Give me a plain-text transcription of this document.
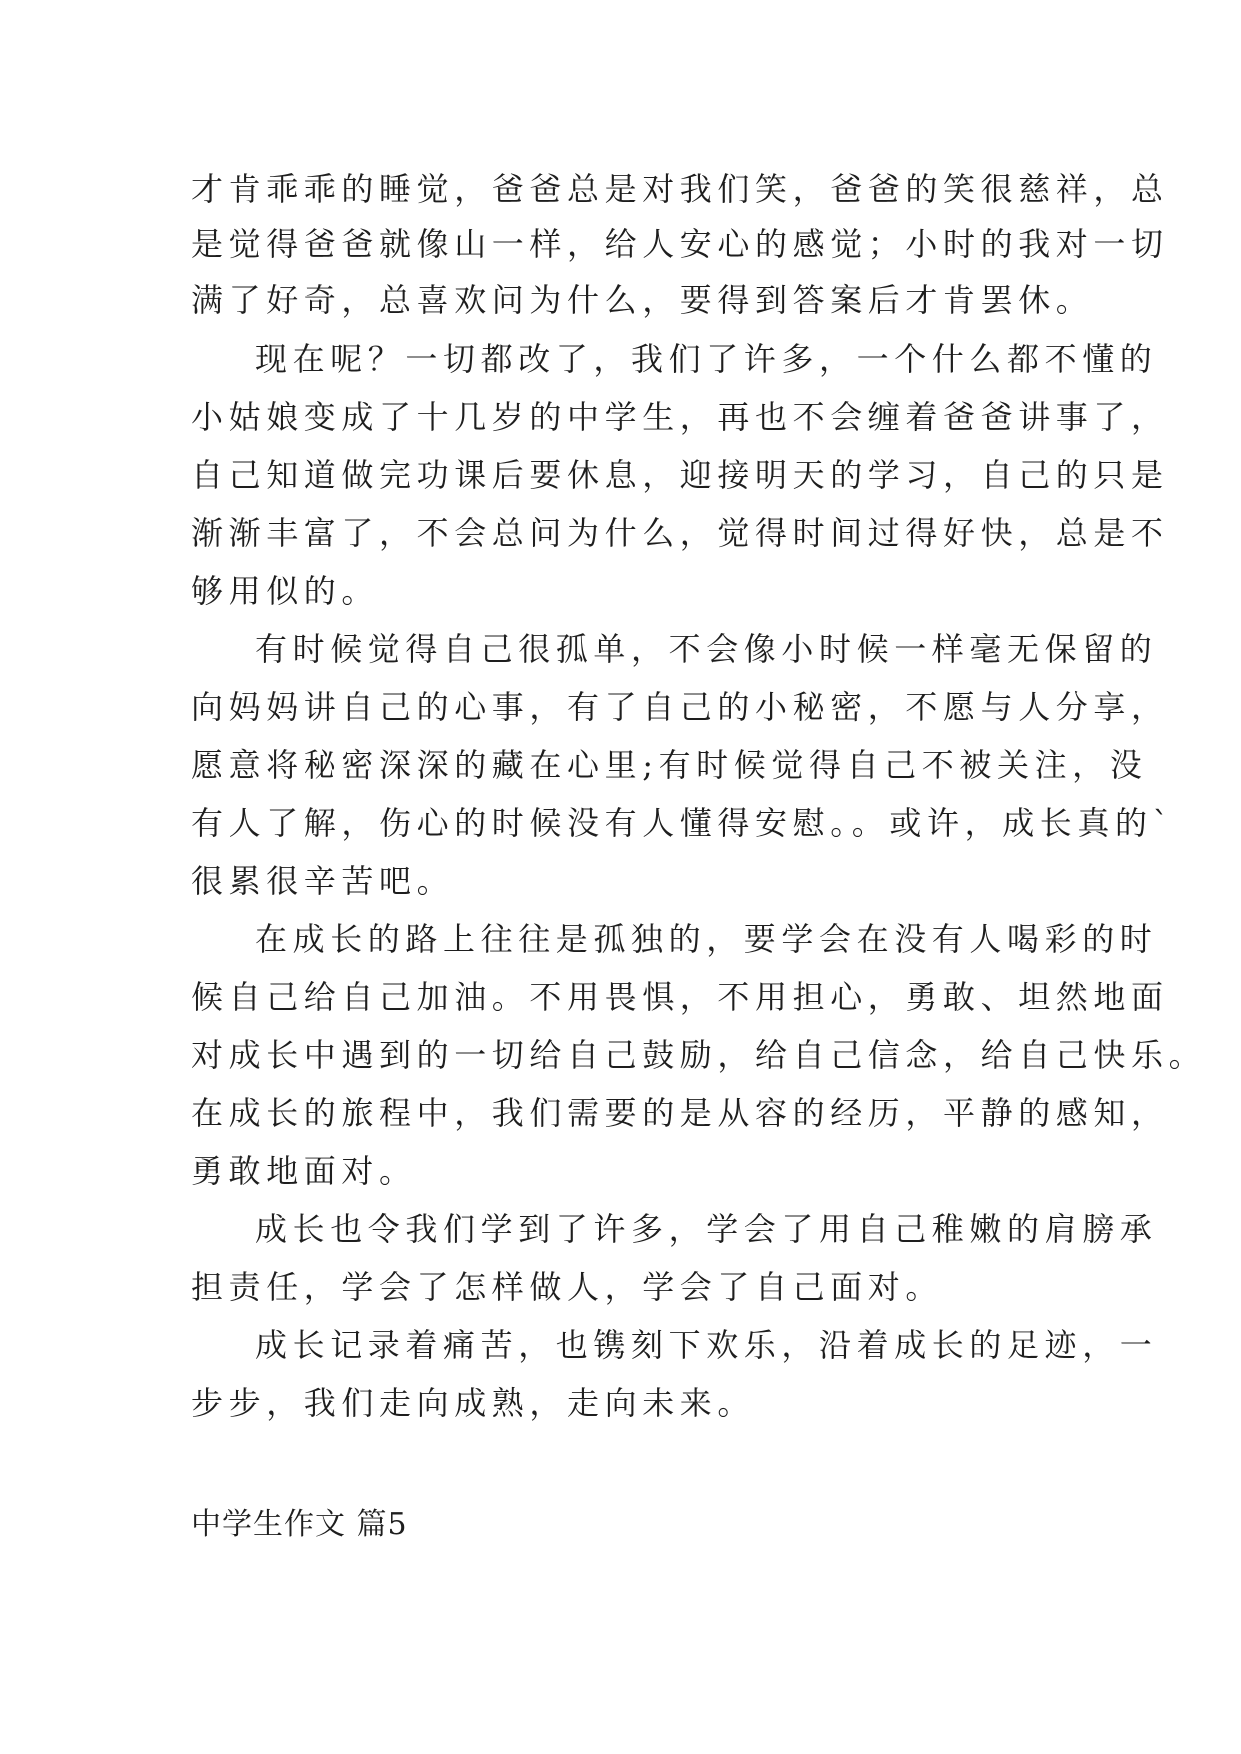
才肯乖乖的睡觉，爸爸总是对我们笑，爸爸的笑很慈祥，总
是觉得爸爸就像山一样，给人安心的感觉；小时的我对一切
满了好奇，总喜欢问为什么，要得到答案后才肯罢休。
现在呢？一切都改了，我们了许多，一个什么都不懂的
小姑娘变成了十几岁的中学生，再也不会缠着爸爸讲事了，
自己知道做完功课后要休息，迎接明天的学习，自己的只是
渐渐丰富了，不会总问为什么，觉得时间过得好快，总是不
够用似的。
有时候觉得自己很孤单，不会像小时候一样毫无保留的
向妈妈讲自己的心事，有了自己的小秘密，不愿与人分享，
愿意将秘密深深的藏在心里;有时候觉得自己不被关注，没
有人了解，伤心的时候没有人懂得安慰。。或许，成长真的`
很累很辛苦吧。
在成长的路上往往是孤独的，要学会在没有人喝彩的时
候自己给自己加油。不用畏惧，不用担心，勇敢、坦然地面
对成长中遇到的一切给自己鼓励，给自己信念，给自己快乐。
在成长的旅程中，我们需要的是从容的经历，平静的感知，
勇敢地面对。
成长也令我们学到了许多，学会了用自己稚嫩的肩膀承
担责任，学会了怎样做人，学会了自己面对。
成长记录着痛苦，也镌刻下欢乐，沿着成长的足迹，一
步步，我们走向成熟，走向未来。
中学生作文 篇5
